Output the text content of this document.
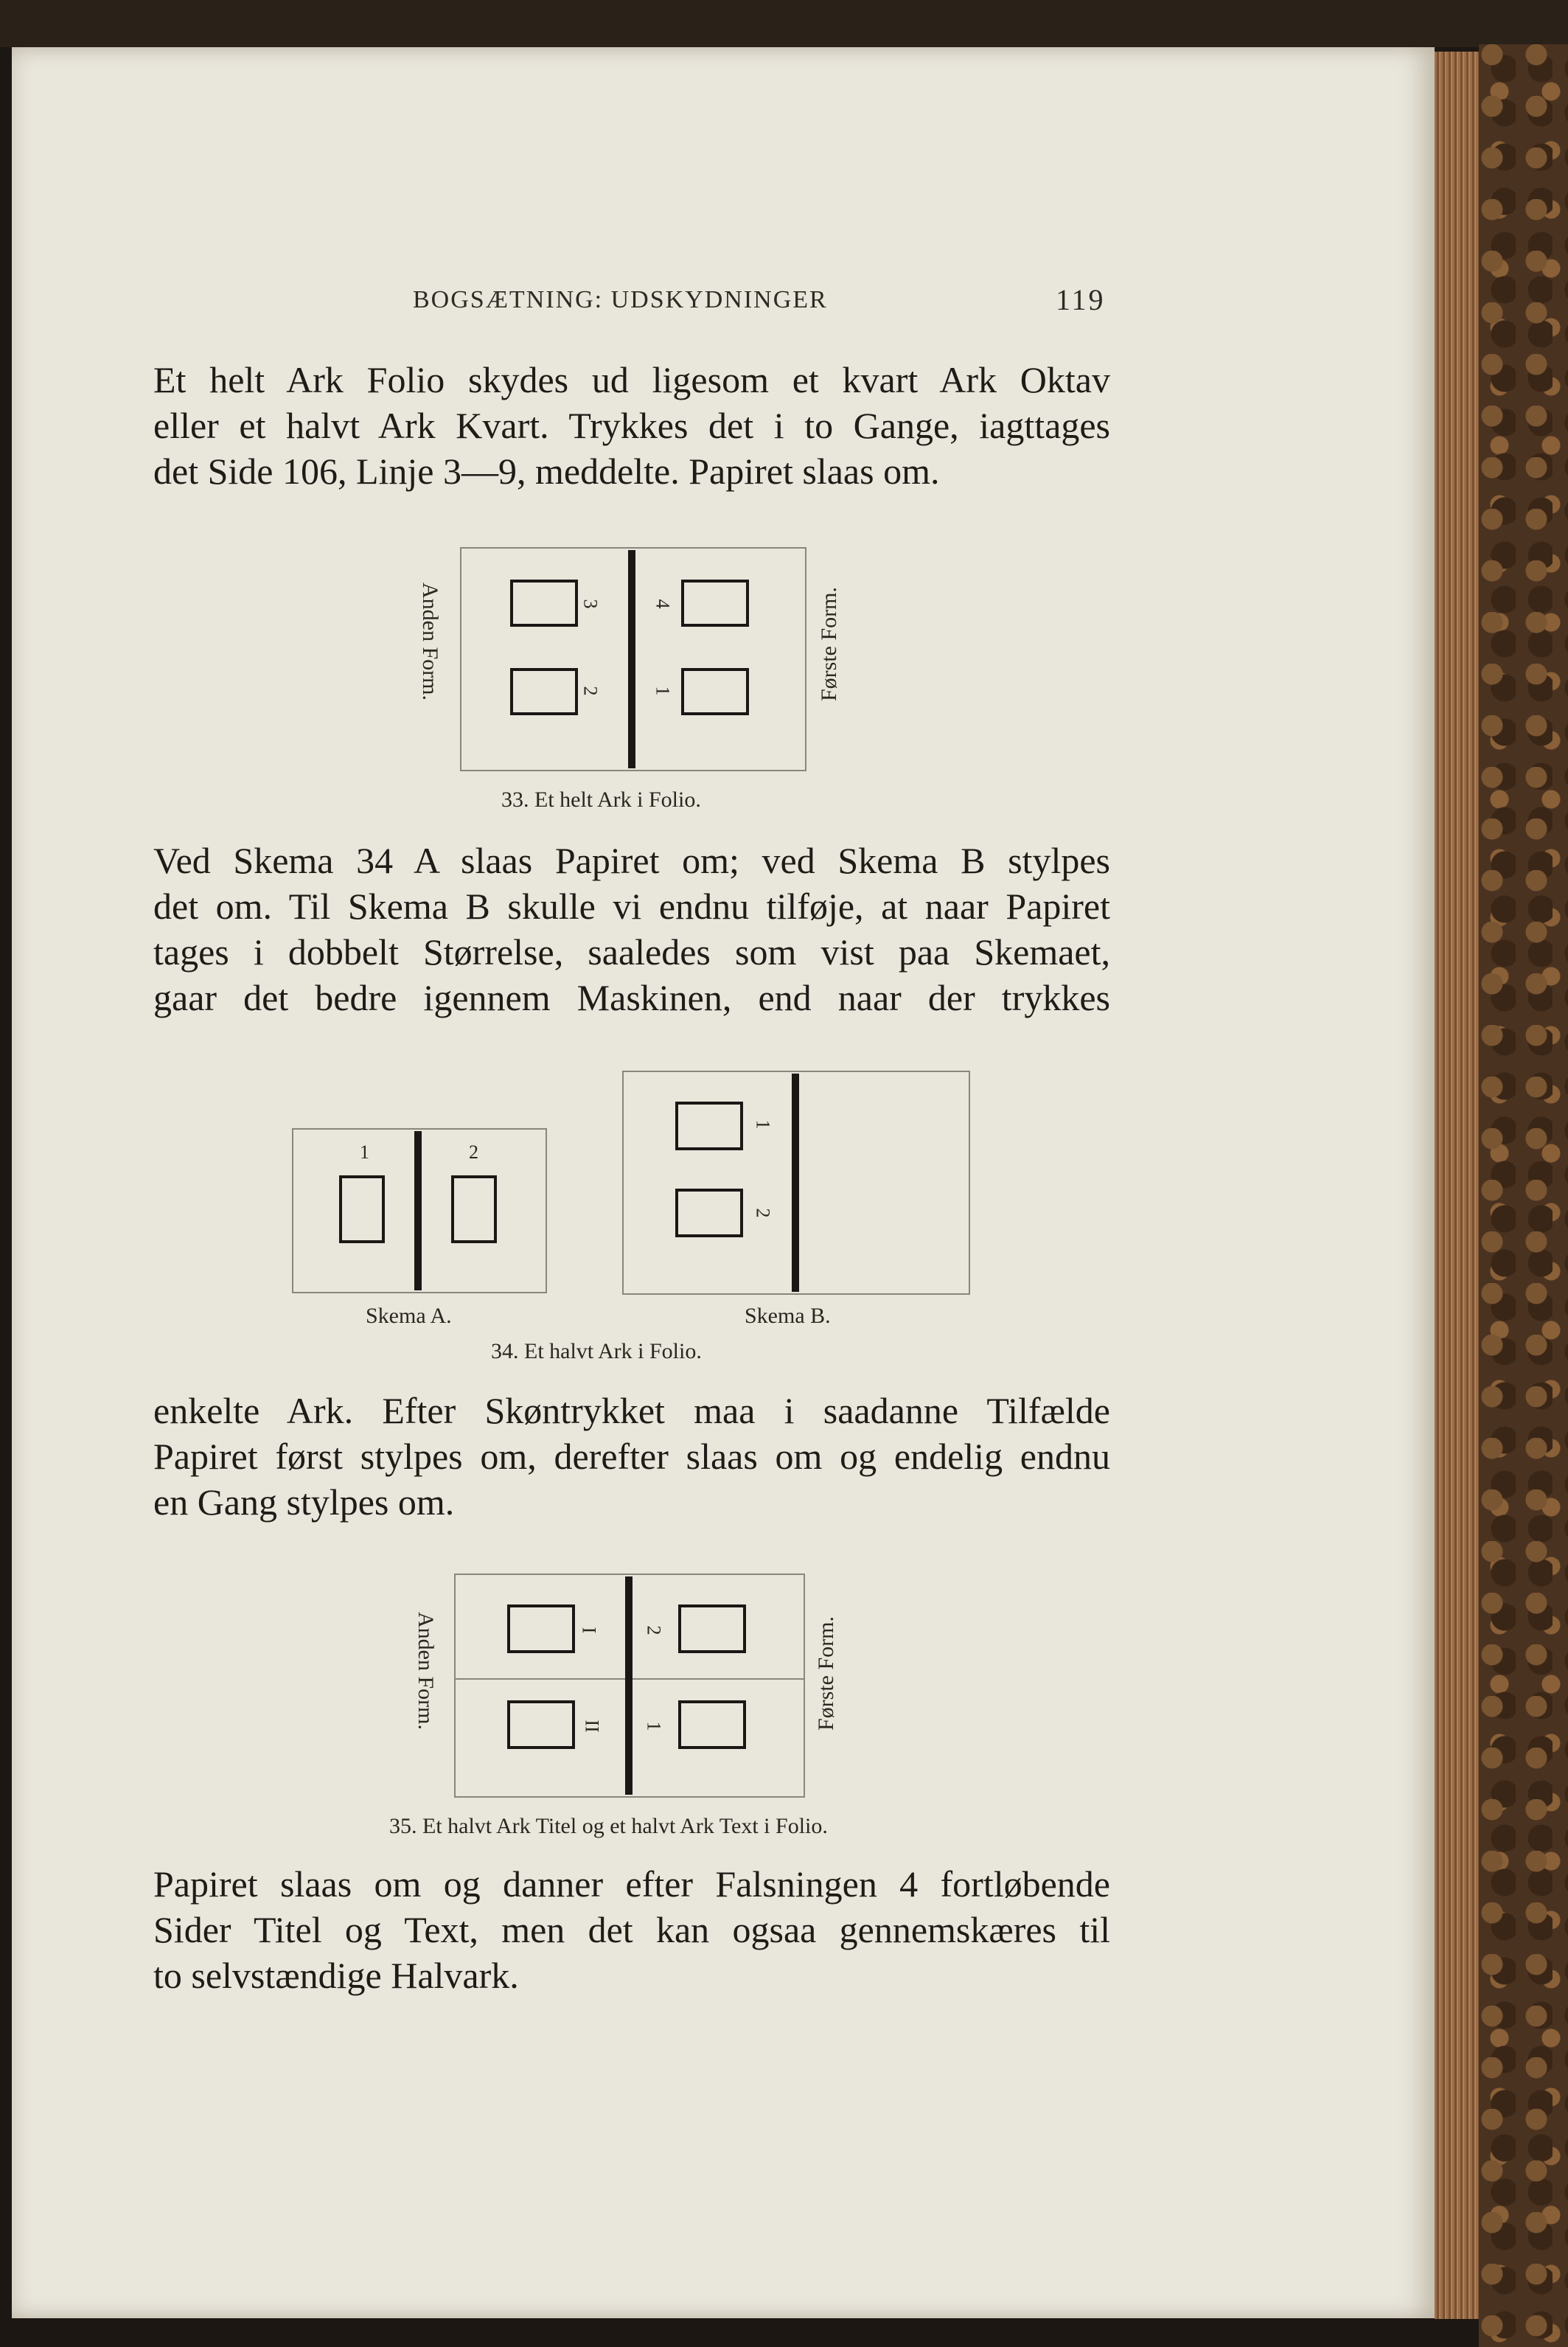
BOGSÆTNING: UDSKYDNINGER	119
Et helt Ark Folio skydes ud ligesom et kvart Ark Oktav
eller et halvt Ark Kvart. Trykkes det i to Gange, iagttages
det Side 106, Linje 3—9, meddelte. Papiret slaas om.
Anden Form.	Første Form.
3	4
2	1
33. Et helt Ark i Folio.
Ved Skema 34 A slaas Papiret om; ved Skema B stylpes
det om. Til Skema B skulle vi endnu tilføje, at naar Papiret
tages i dobbelt Størrelse, saaledes som vist paa Skemaet,
gaar det bedre igennem Maskinen, end naar der trykkes
1	2
Skema A.
1
2
Skema B.
34. Et halvt Ark i Folio.
enkelte Ark. Efter Skøntrykket maa i saadanne Tilfælde
Papiret først stylpes om, derefter slaas om og endelig endnu
en Gang stylpes om.
Anden Form.	Første Form.
I 2
II 1
35. Et halvt Ark Titel og et halvt Ark Text i Folio.
Papiret slaas om og danner efter Falsningen 4 fortløbende
Sider Titel og Text, men det kan ogsaa gennemskæres til
to selvstændige Halvark.
